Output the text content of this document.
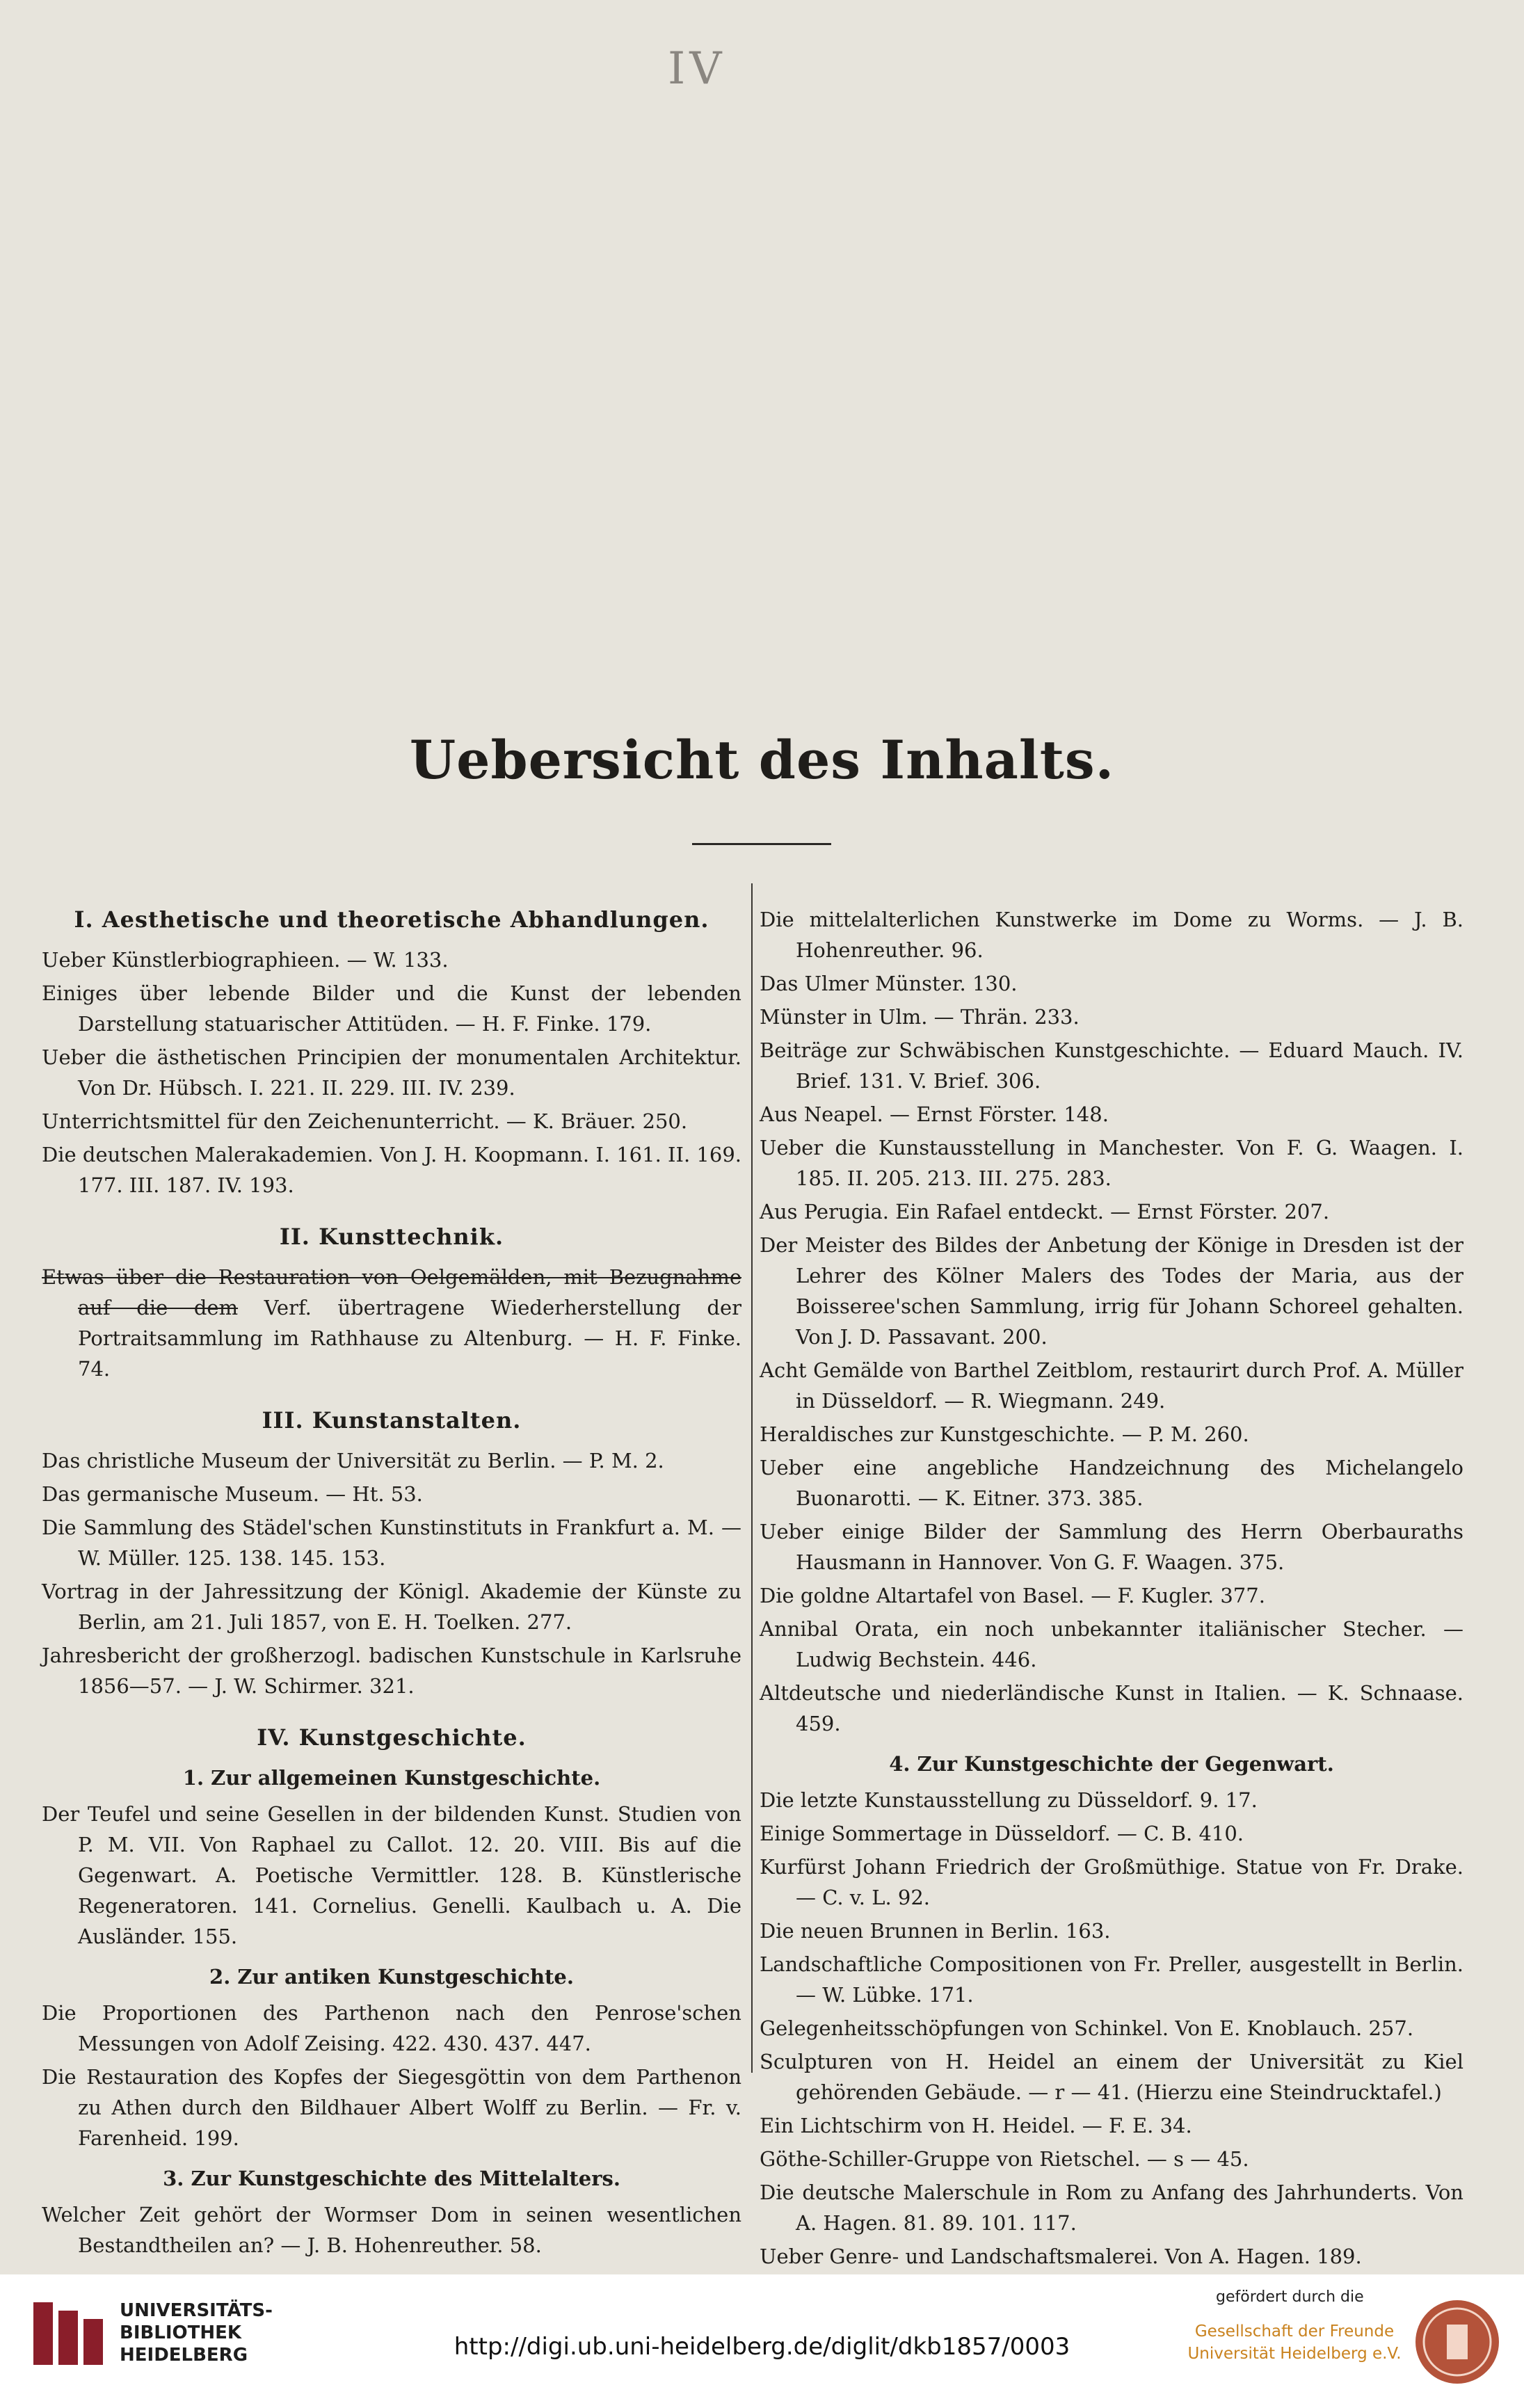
IV
Uebersicht des Inhalts.
I. Aesthetische und theoretische Abhandlungen.
Ueber Künstlerbiographieen. — W. 133.
Einiges über lebende Bilder und die Kunst der lebenden Darstellung statuarischer Attitüden. — H. F. Finke. 179.
Ueber die ästhetischen Principien der monumentalen Architektur. Von Dr. Hübsch. I. 221. II. 229. III. IV. 239.
Unterrichtsmittel für den Zeichenunterricht. — K. Bräuer. 250.
Die deutschen Malerakademien. Von J. H. Koopmann. I. 161. II. 169. 177. III. 187. IV. 193.
II. Kunsttechnik.
Etwas über die Restauration von Oelgemälden, mit Bezugnahme auf die dem Verf. übertragene Wiederherstellung der Portraitsammlung im Rathhause zu Altenburg. — H. F. Finke. 74.
III. Kunstanstalten.
Das christliche Museum der Universität zu Berlin. — P. M. 2.
Das germanische Museum. — Ht. 53.
Die Sammlung des Städel'schen Kunstinstituts in Frankfurt a. M. — W. Müller. 125. 138. 145. 153.
Vortrag in der Jahressitzung der Königl. Akademie der Künste zu Berlin, am 21. Juli 1857, von E. H. Toelken. 277.
Jahresbericht der großherzogl. badischen Kunstschule in Karlsruhe 1856—57. — J. W. Schirmer. 321.
IV. Kunstgeschichte.
1. Zur allgemeinen Kunstgeschichte.
Der Teufel und seine Gesellen in der bildenden Kunst. Studien von P. M. VII. Von Raphael zu Callot. 12. 20. VIII. Bis auf die Gegenwart. A. Poetische Vermittler. 128. B. Künstlerische Regeneratoren. 141. Cornelius. Genelli. Kaulbach u. A. Die Ausländer. 155.
2. Zur antiken Kunstgeschichte.
Die Proportionen des Parthenon nach den Penrose'schen Messungen von Adolf Zeising. 422. 430. 437. 447.
Die Restauration des Kopfes der Siegesgöttin von dem Parthenon zu Athen durch den Bildhauer Albert Wolff zu Berlin. — Fr. v. Farenheid. 199.
3. Zur Kunstgeschichte des Mittelalters.
Welcher Zeit gehört der Wormser Dom in seinen wesentlichen Bestandtheilen an? — J. B. Hohenreuther. 58.
Die mittelalterlichen Kunstwerke im Dome zu Worms. — J. B. Hohenreuther. 96.
Das Ulmer Münster. 130.
Münster in Ulm. — Thrän. 233.
Beiträge zur Schwäbischen Kunstgeschichte. — Eduard Mauch. IV. Brief. 131. V. Brief. 306.
Aus Neapel. — Ernst Förster. 148.
Ueber die Kunstausstellung in Manchester. Von F. G. Waagen. I. 185. II. 205. 213. III. 275. 283.
Aus Perugia. Ein Rafael entdeckt. — Ernst Förster. 207.
Der Meister des Bildes der Anbetung der Könige in Dresden ist der Lehrer des Kölner Malers des Todes der Maria, aus der Boisseree'schen Sammlung, irrig für Johann Schoreel gehalten. Von J. D. Passavant. 200.
Acht Gemälde von Barthel Zeitblom, restaurirt durch Prof. A. Müller in Düsseldorf. — R. Wiegmann. 249.
Heraldisches zur Kunstgeschichte. — P. M. 260.
Ueber eine angebliche Handzeichnung des Michelangelo Buonarotti. — K. Eitner. 373. 385.
Ueber einige Bilder der Sammlung des Herrn Oberbauraths Hausmann in Hannover. Von G. F. Waagen. 375.
Die goldne Altartafel von Basel. — F. Kugler. 377.
Annibal Orata, ein noch unbekannter italiänischer Stecher. — Ludwig Bechstein. 446.
Altdeutsche und niederländische Kunst in Italien. — K. Schnaase. 459.
4. Zur Kunstgeschichte der Gegenwart.
Die letzte Kunstausstellung zu Düsseldorf. 9. 17.
Einige Sommertage in Düsseldorf. — C. B. 410.
Kurfürst Johann Friedrich der Großmüthige. Statue von Fr. Drake. — C. v. L. 92.
Die neuen Brunnen in Berlin. 163.
Landschaftliche Compositionen von Fr. Preller, ausgestellt in Berlin. — W. Lübke. 171.
Gelegenheitsschöpfungen von Schinkel. Von E. Knoblauch. 257.
Sculpturen von H. Heidel an einem der Universität zu Kiel gehörenden Gebäude. — r — 41. (Hierzu eine Steindrucktafel.)
Ein Lichtschirm von H. Heidel. — F. E. 34.
Göthe-Schiller-Gruppe von Rietschel. — s — 45.
Die deutsche Malerschule in Rom zu Anfang des Jahrhunderts. Von A. Hagen. 81. 89. 101. 117.
Ueber Genre- und Landschaftsmalerei. Von A. Hagen. 189.
UNIVERSITÄTS-
BIBLIOTHEK
HEIDELBERG	http://digi.ub.uni-heidelberg.de/diglit/dkb1857/0003
gefördert durch die
Gesellschaft der Freunde
Universität Heidelberg e.V.
